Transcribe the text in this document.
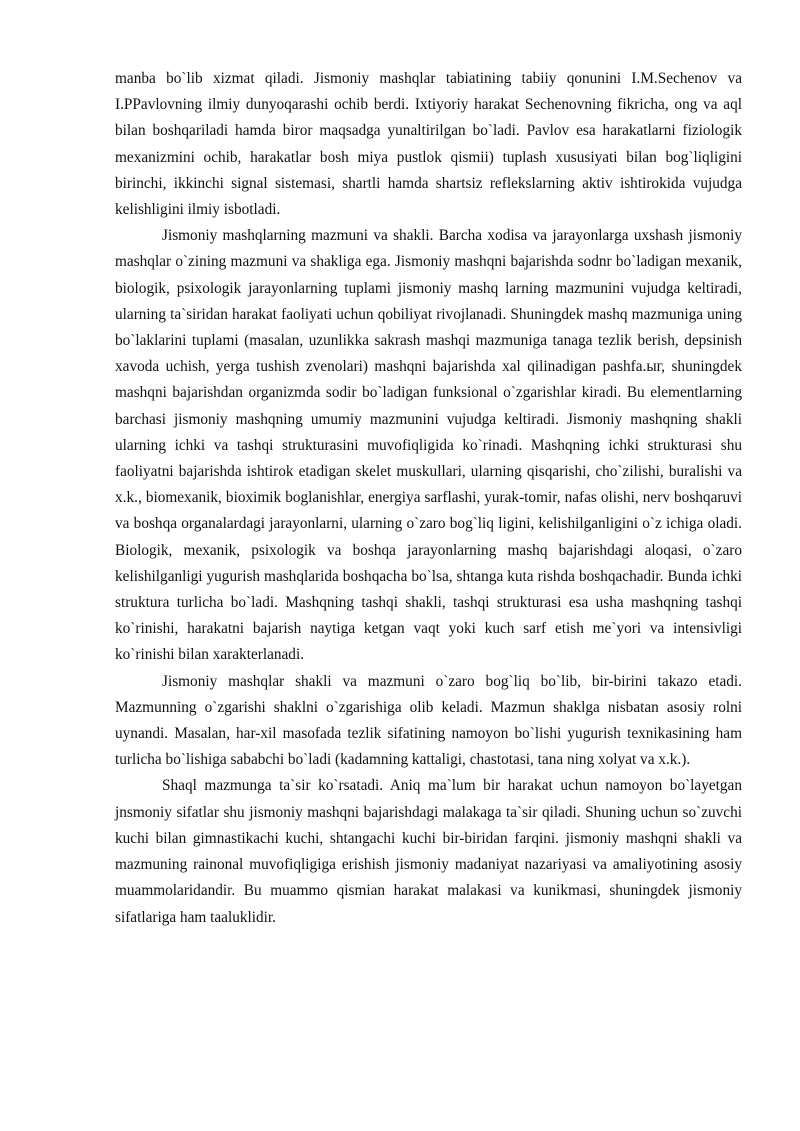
manba bo`lib xizmat qiladi. Jismoniy mashqlar tabiatining tabiiy qonunini I.M.Sechenov va I.PPavlovning ilmiy dunyoqarashi ochib berdi. Ixtiyoriy harakat Sechenovning fikricha, ong va aql bilan boshqariladi hamda biror maqsadga yunaltirilgan bo`ladi. Pavlov esa harakatlarni fiziologik mexanizmini ochib, harakatlar bosh miya pustlok qismii) tuplash xususiyati bilan bog`liqligini birinchi, ikkinchi signal sistemasi, shartli hamda shartsiz reflekslarning aktiv ishtirokida vujudga kelishligini ilmiy isbotladi.

Jismoniy mashqlarning mazmuni va shakli. Barcha xodisa va jarayonlarga uxshash jismoniy mashqlar o`zining mazmuni va shakliga ega. Jismoniy mashqni bajarishda sodnr bo`ladigan mexanik, biologik, psixologik jarayonlarning tuplami jismoniy mashq larning mazmunini vujudga keltiradi, ularning ta`siridan harakat faoliyati uchun qobiliyat rivojlanadi. Shuningdek mashq mazmuniga uning bo`laklarini tuplami (masalan, uzunlikka sakrash mashqi mazmuniga tanaga tezlik berish, depsinish xavoda uchish, yerga tushish zvenolari) mashqni bajarishda xal qilinadigan pashfa.ыг, shuningdek mashqni bajarishdan organizmda sodir bo`ladigan funksional o`zgarishlar kiradi. Bu elementlarning barchasi jismoniy mashqning umumiy mazmunini vujudga keltiradi. Jismoniy mashqning shakli ularning ichki va tashqi strukturasini muvofiqligida ko`rinadi. Mashqning ichki strukturasi shu faoliyatni bajarishda ishtirok etadigan skelet muskullari, ularning qisqarishi, cho`zilishi, buralishi va x.k., biomexanik, bioximik boglanishlar, energiya sarflashi, yurak-tomir, nafas olishi, nerv boshqaruvi va boshqa organalardagi jarayonlarni, ularning o`zaro bog`liq ligini, kelishilganligini o`z ichiga oladi. Biologik, mexanik, psixologik va boshqa jarayonlarning mashq bajarishdagi aloqasi, o`zaro kelishilganligi yugurish mashqlarida boshqacha bo`lsa, shtanga kuta rishda boshqachadir. Bunda ichki struktura turlicha bo`ladi. Mashqning tashqi shakli, tashqi strukturasi esa usha mashqning tashqi ko`rinishi, harakatni bajarish naytiga ketgan vaqt yoki kuch sarf etish me`yori va intensivligi ko`rinishi bilan xarakterlanadi.

Jismoniy mashqlar shakli va mazmuni o`zaro bog`liq bo`lib, bir-birini takazo etadi. Mazmunning o`zgarishi shaklni o`zgarishiga olib keladi. Mazmun shaklga nisbatan asosiy rolni uynandi. Masalan, har-xil masofada tezlik sifatining namoyon bo`lishi yugurish texnikasining ham turlicha bo`lishiga sababchi bo`ladi (kadamning kattaligi, chastotasi, tana ning xolyat va x.k.).

Shaql mazmunga ta`sir ko`rsatadi. Aniq ma`lum bir harakat uchun namoyon bo`layetgan jnsmoniy sifatlar shu jismoniy mashqni bajarishdagi malakaga ta`sir qiladi. Shuning uchun so`zuvchi kuchi bilan gimnastikachi kuchi, shtangachi kuchi bir-biridan farqini. jismoniy mashqni shakli va mazmuning rainonal muvofiqligiga erishish jismoniy madaniyat nazariyasi va amaliyotining asosiy muammolaridandir. Bu muammo qismian harakat malakasi va kunikmasi, shuningdek jismoniy sifatlariga ham taaluklidir.
